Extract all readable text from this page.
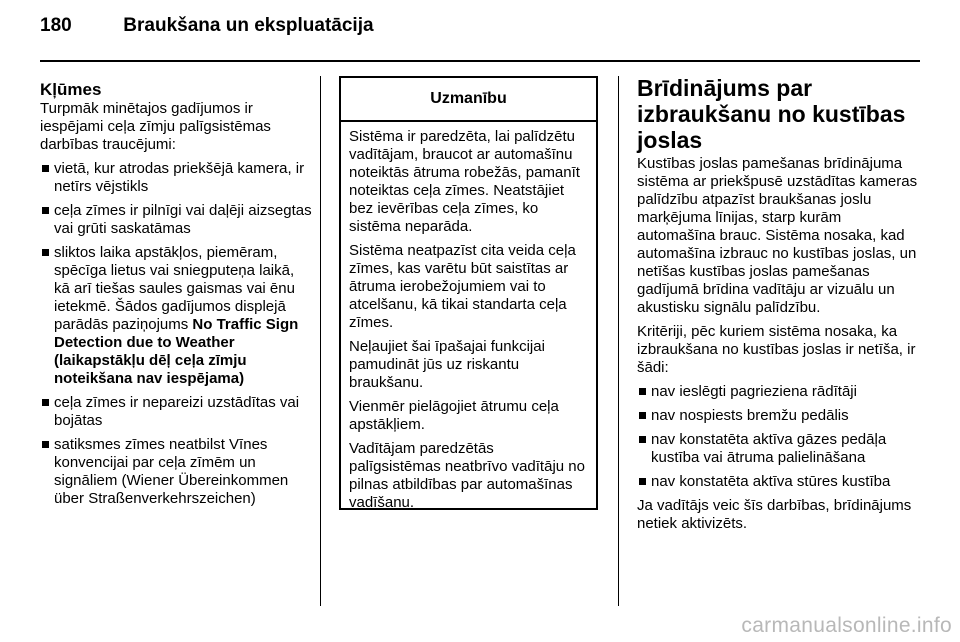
180	Braukšana un ekspluatācija
Kļūmes

Turpmāk minētajos gadījumos ir iespējami ceļa zīmju palīgsistēmas darbības traucējumi:

vietā, kur atrodas priekšējā kamera, ir netīrs vējstikls
ceļa zīmes ir pilnīgi vai daļēji aizsegtas vai grūti saskatāmas
sliktos laika apstākļos, piemēram, spēcīga lietus vai sniegputeņa laikā, kā arī tiešas saules gaismas vai ēnu ietekmē. Šādos gadījumos displejā parādās paziņojums No Traffic Sign Detection due to Weather (laikapstākļu dēļ ceļa zīmju noteikšana nav iespējama)
ceļa zīmes ir nepareizi uzstādītas vai bojātas
satiksmes zīmes neatbilst Vīnes konvencijai par ceļa zīmēm un signāliem (Wiener Übereinkommen über Straßenverkehrszeichen)
Uzmanību

Sistēma ir paredzēta, lai palīdzētu vadītājam, braucot ar automašīnu noteiktās ātruma robežās, pamanīt noteiktas ceļa zīmes. Neatstājiet bez ievērības ceļa zīmes, ko sistēma neparāda.

Sistēma neatpazīst cita veida ceļa zīmes, kas varētu būt saistītas ar ātruma ierobežojumiem vai to atcelšanu, kā tikai standarta ceļa zīmes.

Neļaujiet šai īpašajai funkcijai pamudināt jūs uz riskantu braukšanu.

Vienmēr pielāgojiet ātrumu ceļa apstākļiem.

Vadītājam paredzētās palīgsistēmas neatbrīvo vadītāju no pilnas atbildības par automašīnas vadīšanu.

Brīdinājums par izbraukšanu no kustības joslas

Kustības joslas pamešanas brīdinājuma sistēma ar priekšpusē uzstādītas kameras palīdzību atpazīst braukšanas joslu marķējuma līnijas, starp kurām automašīna brauc. Sistēma nosaka, kad automašīna izbrauc no kustības joslas, un netīšas kustības joslas pamešanas gadījumā brīdina vadītāju ar vizuālu un akustisku signālu palīdzību.

Kritēriji, pēc kuriem sistēma nosaka, ka izbraukšana no kustības joslas ir netīša, ir šādi:

nav ieslēgti pagrieziena rādītāji
nav nospiests bremžu pedālis
nav konstatēta aktīva gāzes pedāļa kustība vai ātruma palielināšana
nav konstatēta aktīva stūres kustība

Ja vadītājs veic šīs darbības, brīdinājums netiek aktivizēts.

carmanualsonline.info
